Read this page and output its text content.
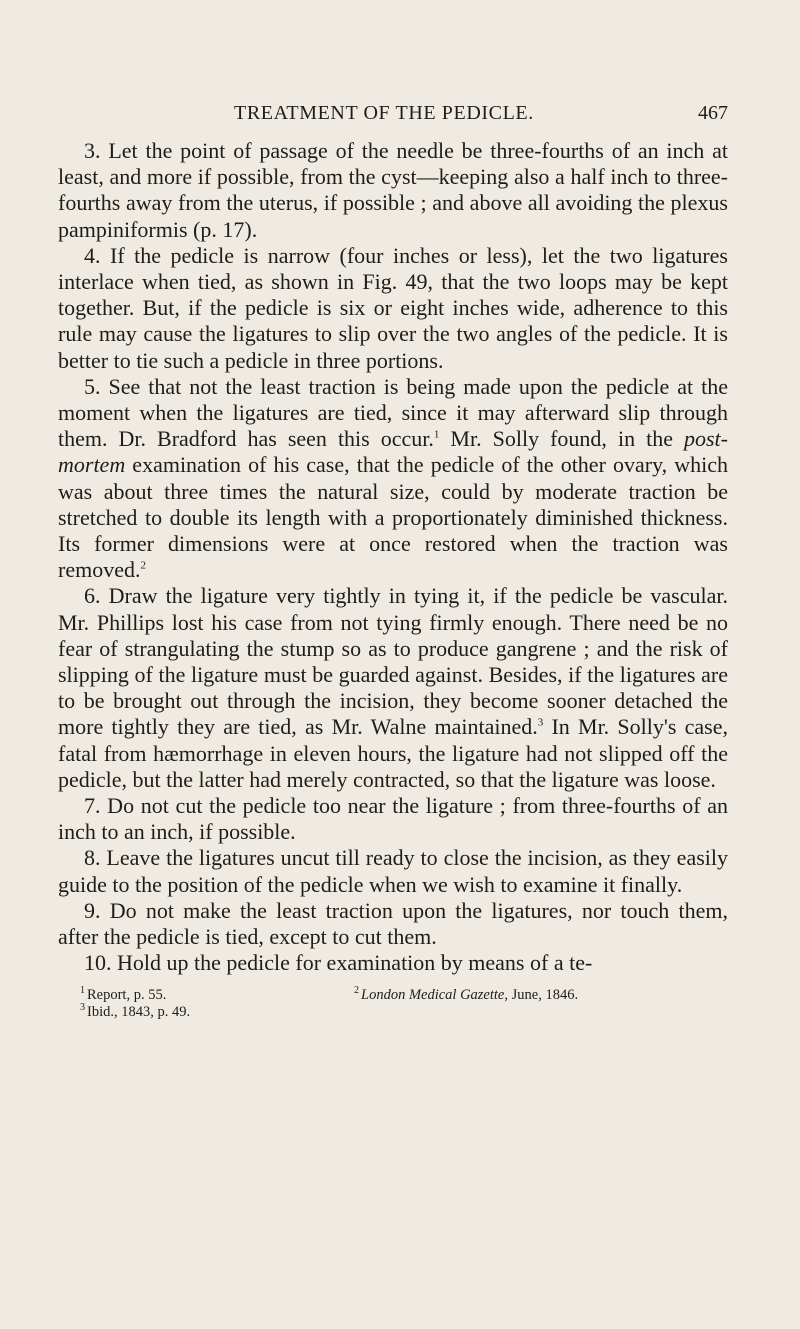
TREATMENT OF THE PEDICLE.	467

3. Let the point of passage of the needle be three-fourths of an inch at least, and more if possible, from the cyst—keeping also a half inch to three-fourths away from the uterus, if possible ; and above all avoiding the plexus pampiniformis (p. 17).

4. If the pedicle is narrow (four inches or less), let the two ligatures interlace when tied, as shown in Fig. 49, that the two loops may be kept together. But, if the pedicle is six or eight inches wide, adherence to this rule may cause the ligatures to slip over the two angles of the pedicle. It is better to tie such a pedicle in three portions.

5. See that not the least traction is being made upon the pedicle at the moment when the ligatures are tied, since it may afterward slip through them. Dr. Bradford has seen this occur.$^1$ Mr. Solly found, in the post-mortem examination of his case, that the pedicle of the other ovary, which was about three times the natural size, could by moderate traction be stretched to double its length with a proportionately diminished thickness. Its former dimensions were at once restored when the traction was removed.$^2$

6. Draw the ligature very tightly in tying it, if the pedicle be vascular. Mr. Phillips lost his case from not tying firmly enough. There need be no fear of strangulating the stump so as to produce gangrene ; and the risk of slipping of the ligature must be guarded against. Besides, if the ligatures are to be brought out through the incision, they become sooner detached the more tightly they are tied, as Mr. Walne maintained.$^3$ In Mr. Solly's case, fatal from hæmorrhage in eleven hours, the ligature had not slipped off the pedicle, but the latter had merely contracted, so that the ligature was loose.

7. Do not cut the pedicle too near the ligature ; from three-fourths of an inch to an inch, if possible.

8. Leave the ligatures uncut till ready to close the incision, as they easily guide to the position of the pedicle when we wish to examine it finally.

9. Do not make the least traction upon the ligatures, nor touch them, after the pedicle is tied, except to cut them.

10. Hold up the pedicle for examination by means of a te-

$^1$ Report, p. 55.	$^2$ London Medical Gazette, June, 1846.
$^3$ Ibid., 1843, p. 49.
